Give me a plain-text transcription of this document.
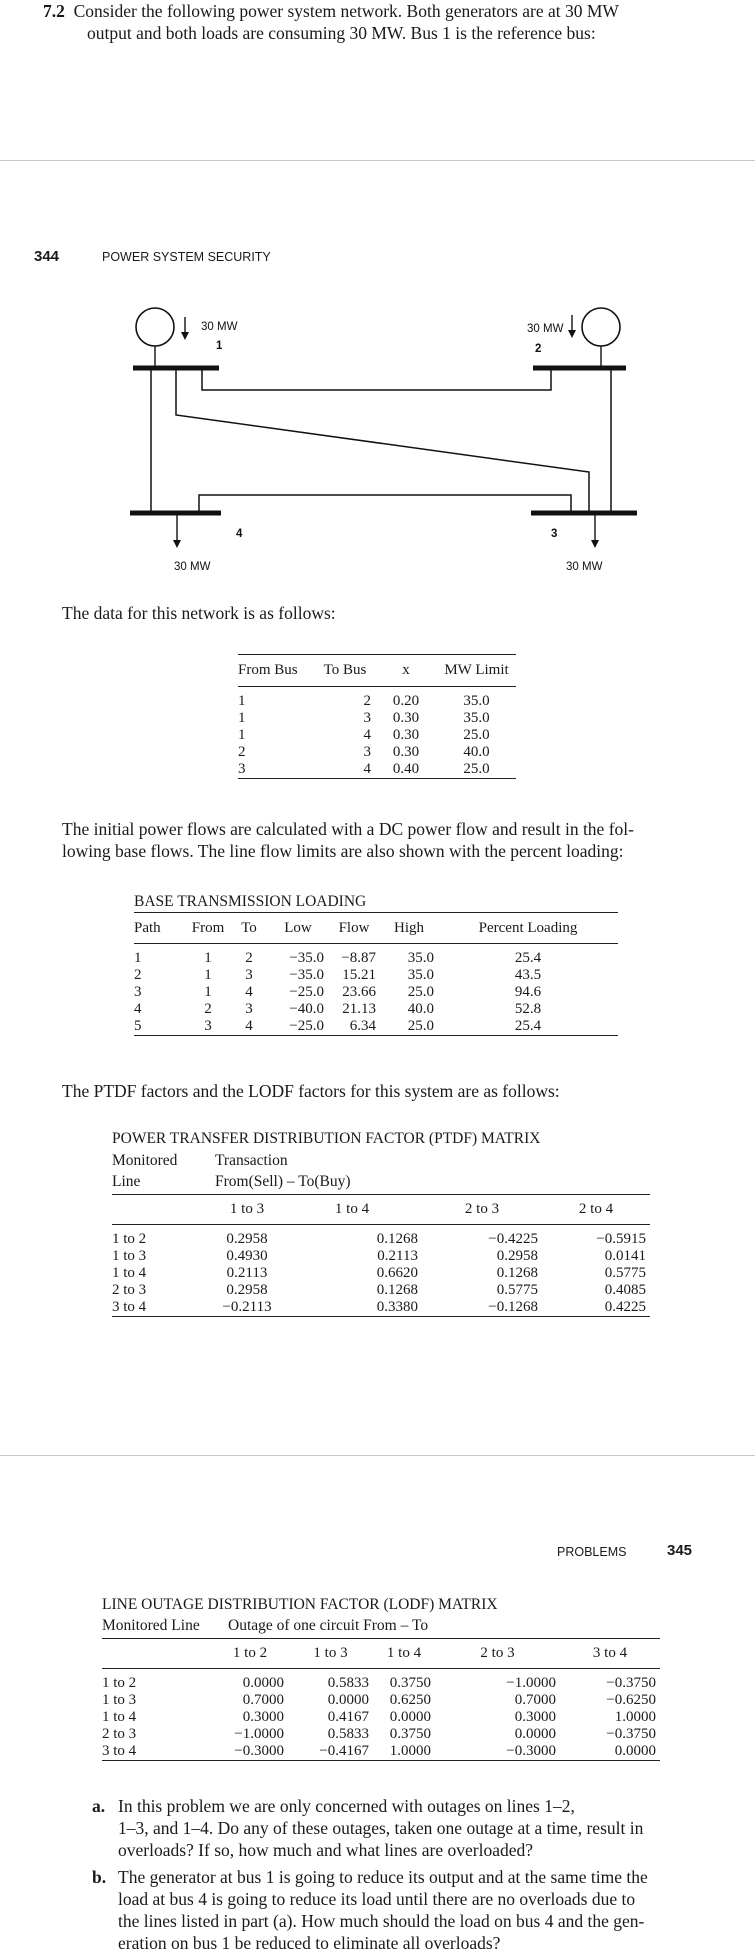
7.2 Consider the following power system network. Both generators are at 30 MW
output and both loads are consuming 30 MW. Bus 1 is the reference bus:
344	POWER SYSTEM SECURITY
30 MW
1
30 MW
2
4
30 MW
3
30 MW
The data for this network is as follows:
From Bus	To Bus	x	MW Limit
1	2	0.20	35.0
1	3	0.30	35.0
1	4	0.30	25.0
2	3	0.30	40.0
3	4	0.40	25.0
The initial power flows are calculated with a DC power flow and result in the fol-
lowing base flows. The line flow limits are also shown with the percent loading:
BASE TRANSMISSION LOADING
Path	From	To	Low	Flow	High	Percent Loading
1	1	2	−35.0	−8.87	35.0	25.4
2	1	3	−35.0	15.21	35.0	43.5
3	1	4	−25.0	23.66	25.0	94.6
4	2	3	−40.0	21.13	40.0	52.8
5	3	4	−25.0	6.34	25.0	25.4
The PTDF factors and the LODF factors for this system are as follows:
POWER TRANSFER DISTRIBUTION FACTOR (PTDF) MATRIX
Monitored Transaction
Line	From(Sell) – To(Buy)
	1 to 3	1 to 4	2 to 3	2 to 4
1 to 2	0.2958	0.1268	−0.4225	−0.5915
1 to 3	0.4930	0.2113	0.2958	0.0141
1 to 4	0.2113	0.6620	0.1268	0.5775
2 to 3	0.2958	0.1268	0.5775	0.4085
3 to 4	−0.2113	0.3380	−0.1268	0.4225
PROBLEMS	345
LINE OUTAGE DISTRIBUTION FACTOR (LODF) MATRIX
Monitored Line Outage of one circuit From – To
	1 to 2	1 to 3	1 to 4	2 to 3	3 to 4
1 to 2	0.0000	0.5833	0.3750	−1.0000	−0.3750
1 to 3	0.7000	0.0000	0.6250	0.7000	−0.6250
1 to 4	0.3000	0.4167	0.0000	0.3000	1.0000
2 to 3	−1.0000	0.5833	0.3750	0.0000	−0.3750
3 to 4	−0.3000	−0.4167	1.0000	−0.3000	0.0000
a. In this problem we are only concerned with outages on lines 1–2,
1–3, and 1–4. Do any of these outages, taken one outage at a time, result in
overloads? If so, how much and what lines are overloaded?
b. The generator at bus 1 is going to reduce its output and at the same time the
load at bus 4 is going to reduce its load until there are no overloads due to
the lines listed in part (a). How much should the load on bus 4 and the gen-
eration on bus 1 be reduced to eliminate all overloads?
